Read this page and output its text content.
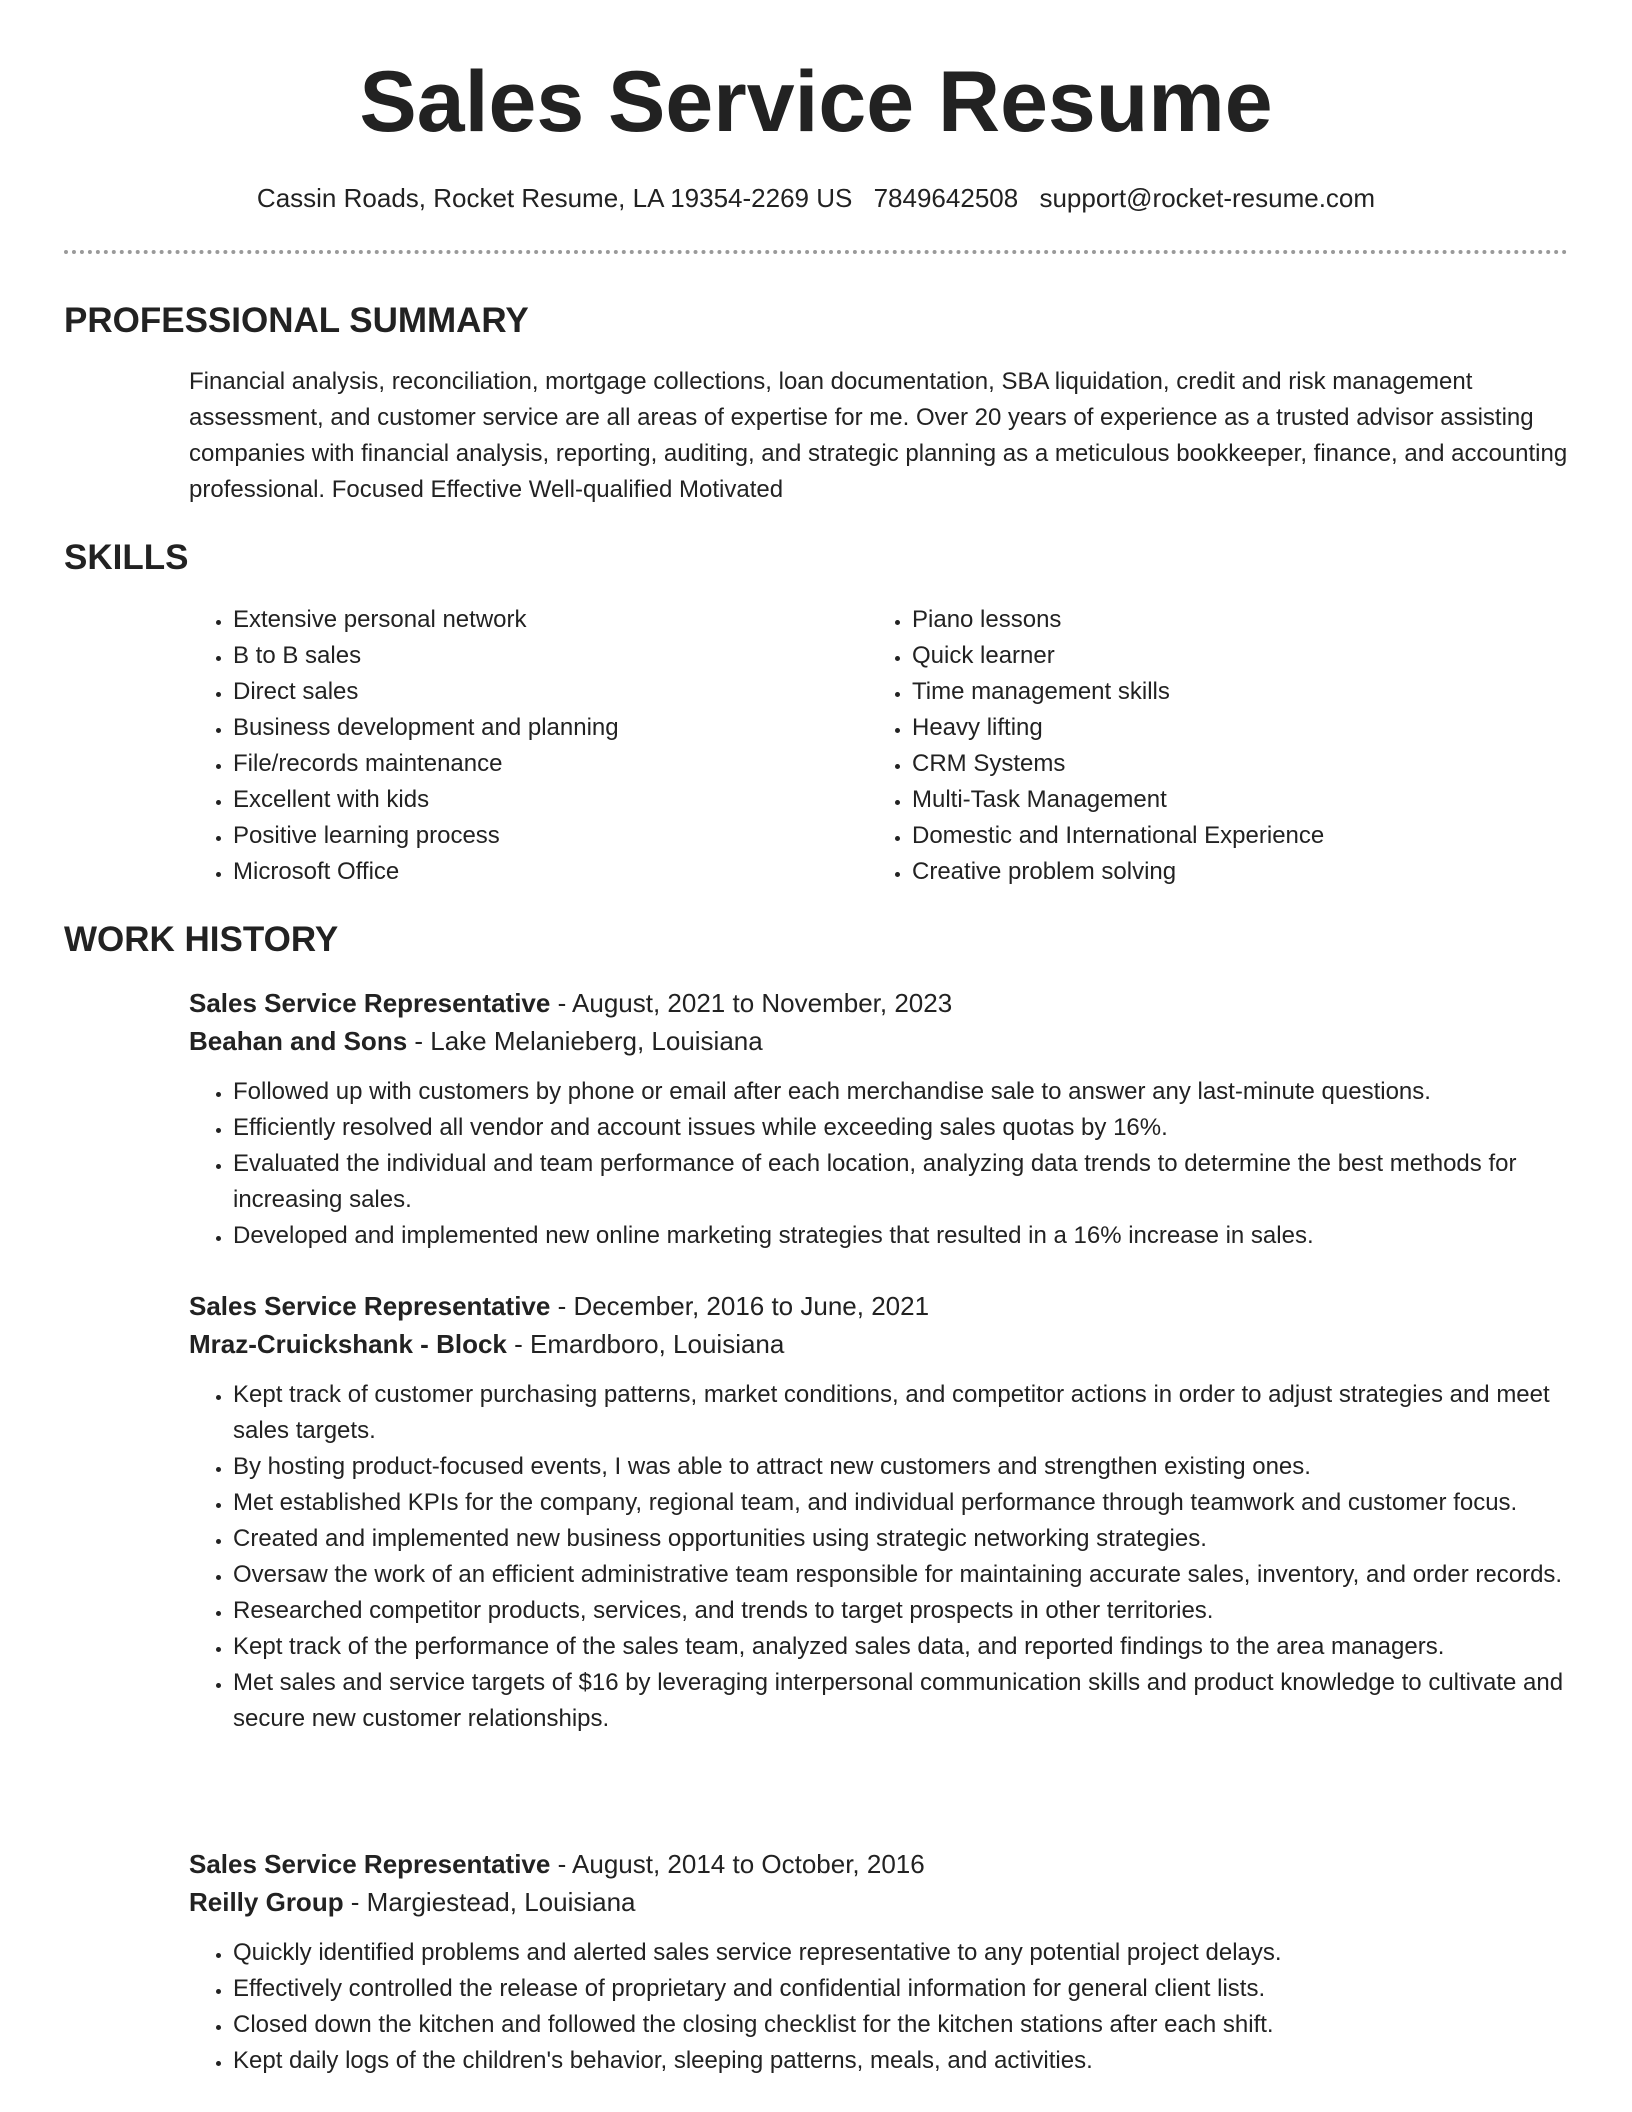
Sales Service Resume
Cassin Roads, Rocket Resume, LA 19354-2269 US 7849642508 support@rocket-resume.com
PROFESSIONAL SUMMARY

Financial analysis, reconciliation, mortgage collections, loan documentation, SBA liquidation, credit and risk management assessment, and customer service are all areas of expertise for me. Over 20 years of experience as a trusted advisor assisting companies with financial analysis, reporting, auditing, and strategic planning as a meticulous bookkeeper, finance, and accounting professional. Focused Effective Well-qualified Motivated

SKILLS
• Extensive personal network
• B to B sales
• Direct sales
• Business development and planning
• File/records maintenance
• Excellent with kids
• Positive learning process
• Microsoft Office
• Piano lessons
• Quick learner
• Time management skills
• Heavy lifting
• CRM Systems
• Multi-Task Management
• Domestic and International Experience
• Creative problem solving
WORK HISTORY

Sales Service Representative - August, 2021 to November, 2023

Beahan and Sons - Lake Melanieberg, Louisiana

• Followed up with customers by phone or email after each merchandise sale to answer any last-minute questions.
• Efficiently resolved all vendor and account issues while exceeding sales quotas by 16%.
• Evaluated the individual and team performance of each location, analyzing data trends to determine the best methods for increasing sales.
• Developed and implemented new online marketing strategies that resulted in a 16% increase in sales.

Sales Service Representative - December, 2016 to June, 2021

Mraz-Cruickshank - Block - Emardboro, Louisiana

• Kept track of customer purchasing patterns, market conditions, and competitor actions in order to adjust strategies and meet sales targets.
• By hosting product-focused events, I was able to attract new customers and strengthen existing ones.
• Met established KPIs for the company, regional team, and individual performance through teamwork and customer focus.
• Created and implemented new business opportunities using strategic networking strategies.
• Oversaw the work of an efficient administrative team responsible for maintaining accurate sales, inventory, and order records.
• Researched competitor products, services, and trends to target prospects in other territories.
• Kept track of the performance of the sales team, analyzed sales data, and reported findings to the area managers.
• Met sales and service targets of $16 by leveraging interpersonal communication skills and product knowledge to cultivate and secure new customer relationships.

Sales Service Representative - August, 2014 to October, 2016

Reilly Group - Margiestead, Louisiana

• Quickly identified problems and alerted sales service representative to any potential project delays.
• Effectively controlled the release of proprietary and confidential information for general client lists.
• Closed down the kitchen and followed the closing checklist for the kitchen stations after each shift.
• Kept daily logs of the children's behavior, sleeping patterns, meals, and activities.
